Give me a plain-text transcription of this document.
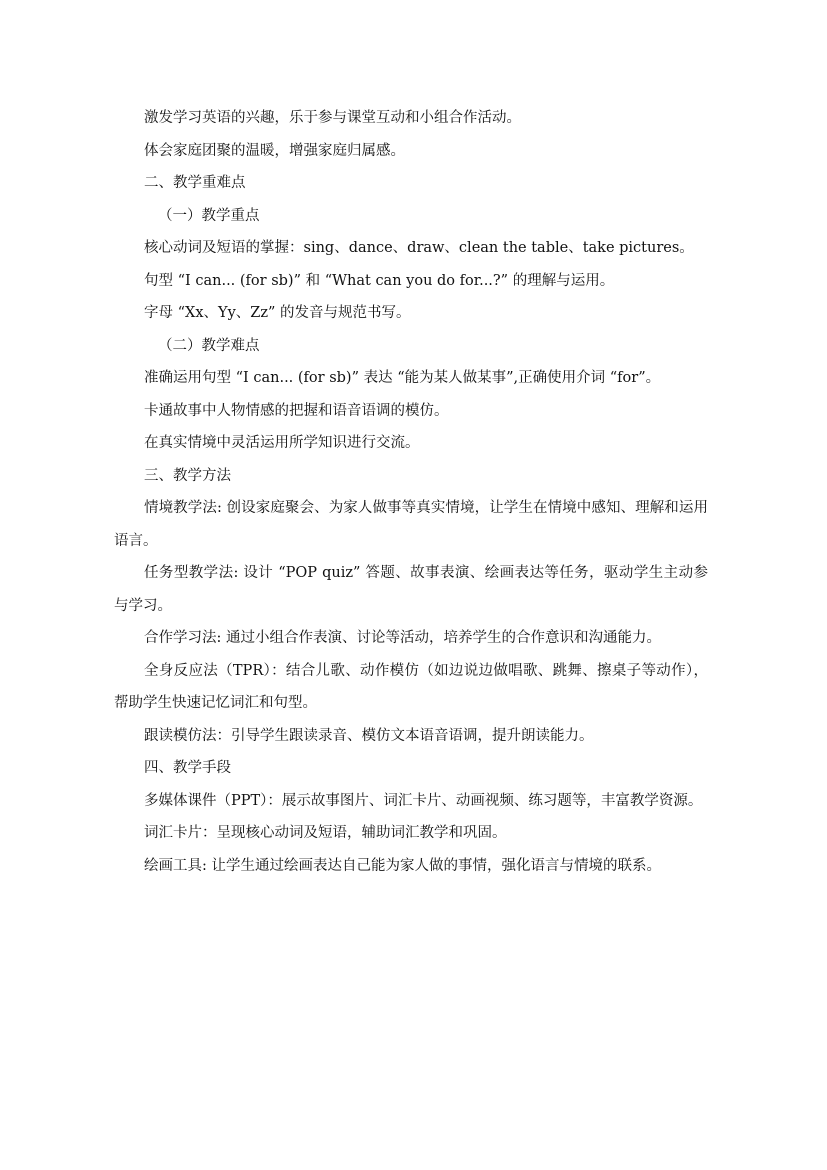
激发学习英语的兴趣，乐于参与课堂互动和小组合作活动。

体会家庭团聚的温暖，增强家庭归属感。

二、教学重难点

（一）教学重点

核心动词及短语的掌握：sing、dance、draw、clean the table、take pictures。

句型 “I can... (for sb)” 和 “What can you do for...?” 的理解与运用。

字母 “Xx、Yy、Zz” 的发音与规范书写。

（二）教学难点

准确运用句型 “I can... (for sb)” 表达 “能为某人做某事”,正确使用介词 “for”。

卡通故事中人物情感的把握和语音语调的模仿。

在真实情境中灵活运用所学知识进行交流。

三、教学方法

情境教学法: 创设家庭聚会、为家人做事等真实情境，让学生在情境中感知、理解和运用语言。

任务型教学法: 设计 “POP quiz” 答题、故事表演、绘画表达等任务，驱动学生主动参与学习。

合作学习法: 通过小组合作表演、讨论等活动，培养学生的合作意识和沟通能力。

全身反应法（TPR）：结合儿歌、动作模仿（如边说边做唱歌、跳舞、擦桌子等动作），帮助学生快速记忆词汇和句型。

跟读模仿法：引导学生跟读录音、模仿文本语音语调，提升朗读能力。

四、教学手段

多媒体课件（PPT）：展示故事图片、词汇卡片、动画视频、练习题等，丰富教学资源。

词汇卡片：呈现核心动词及短语，辅助词汇教学和巩固。

绘画工具: 让学生通过绘画表达自己能为家人做的事情，强化语言与情境的联系。
